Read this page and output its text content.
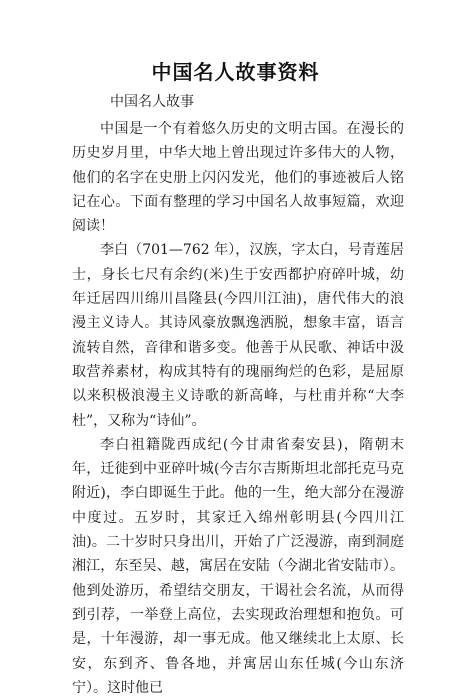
中国名人故事资料

中国名人故事

中国是一个有着悠久历史的文明古国。在漫长的历史岁月里，中华大地上曾出现过许多伟大的人物，他们的名字在史册上闪闪发光，他们的事迹被后人铭记在心。下面有整理的学习中国名人故事短篇，欢迎阅读！

李白（701—762 年），汉族，字太白，号青莲居士，身长七尺有余约(米)生于安西都护府碎叶城，幼年迁居四川绵川昌隆县(今四川江油)，唐代伟大的浪漫主义诗人。其诗风豪放飘逸洒脱，想象丰富，语言流转自然，音律和谐多变。他善于从民歌、神话中汲取营养素材，构成其特有的瑰丽绚烂的色彩，是屈原以来积极浪漫主义诗歌的新高峰，与杜甫并称“大李杜”，又称为“诗仙”。

李白祖籍陇西成纪(今甘肃省秦安县)，隋朝末年，迁徙到中亚碎叶城(今吉尔吉斯斯坦北部托克马克附近)，李白即诞生于此。他的一生，绝大部分在漫游中度过。五岁时，其家迁入绵州彰明县(今四川江油)。二十岁时只身出川，开始了广泛漫游，南到洞庭湘江，东至吴、越，寓居在安陆（今湖北省安陆市）。他到处游历，希望结交朋友，干谒社会名流，从而得到引荐，一举登上高位，去实现政治理想和抱负。可是，十年漫游，却一事无成。他又继续北上太原、长安，东到齐、鲁各地，并寓居山东任城(今山东济宁）。这时他已
